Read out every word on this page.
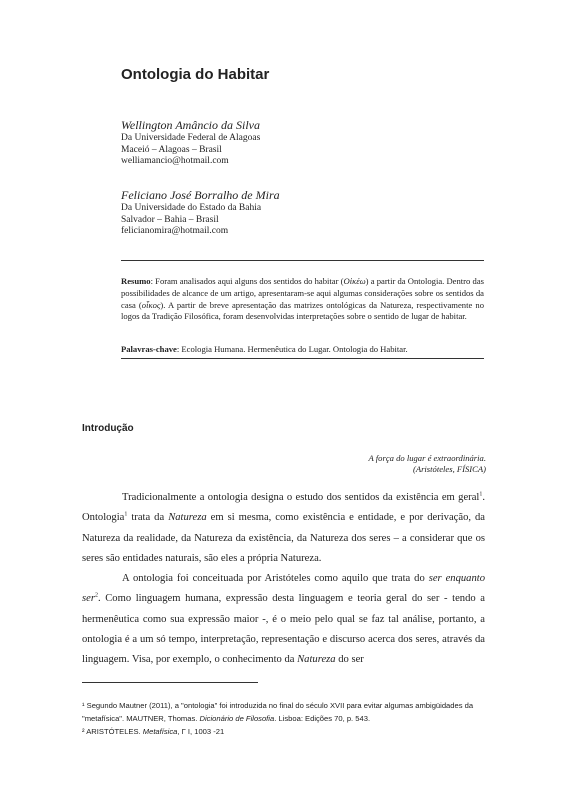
Ontologia do Habitar
Wellington Amâncio da Silva
Da Universidade Federal de Alagoas
Maceió – Alagoas – Brasil
welliamancio@hotmail.com
Feliciano José Borralho de Mira
Da Universidade do Estado da Bahia
Salvador – Bahia – Brasil
felicianomira@hotmail.com
Resumo: Foram analisados aqui alguns dos sentidos do habitar (Oἰκέω) a partir da Ontologia. Dentro das possibilidades de alcance de um artigo, apresentaram-se aqui algumas considerações sobre os sentidos da casa (οἶκος). A partir de breve apresentação das matrizes ontológicas da Natureza, respectivamente no logos da Tradição Filosófica, foram desenvolvidas interpretações sobre o sentido de lugar de habitar.
Palavras-chave: Ecologia Humana. Hermenêutica do Lugar. Ontologia do Habitar.
Introdução
A força do lugar é extraordinária.
(Aristóteles, FÍSICA)

Tradicionalmente a ontologia designa o estudo dos sentidos da existência em geral$^1$. Ontologia$^1$ trata da Natureza em si mesma, como existência e entidade, e por derivação, da Natureza da realidade, da Natureza da existência, da Natureza dos seres – a considerar que os seres são entidades naturais, são eles a própria Natureza.

A ontologia foi conceituada por Aristóteles como aquilo que trata do ser enquanto ser$^2$. Como linguagem humana, expressão desta linguagem e teoria geral do ser - tendo a hermenêutica como sua expressão maior -, é o meio pelo qual se faz tal análise, portanto, a ontologia é a um só tempo, interpretação, representação e discurso acerca dos seres, através da linguagem. Visa, por exemplo, o conhecimento da Natureza do ser

¹ Segundo Mautner (2011), a "ontologia" foi introduzida no final do século XVII para evitar algumas ambigüidades da "metafísica". MAUTNER, Thomas. Dicionário de Filosofia. Lisboa: Edições 70, p. 543.
² ARISTÓTELES. Metafísica, Γ I, 1003 -21
